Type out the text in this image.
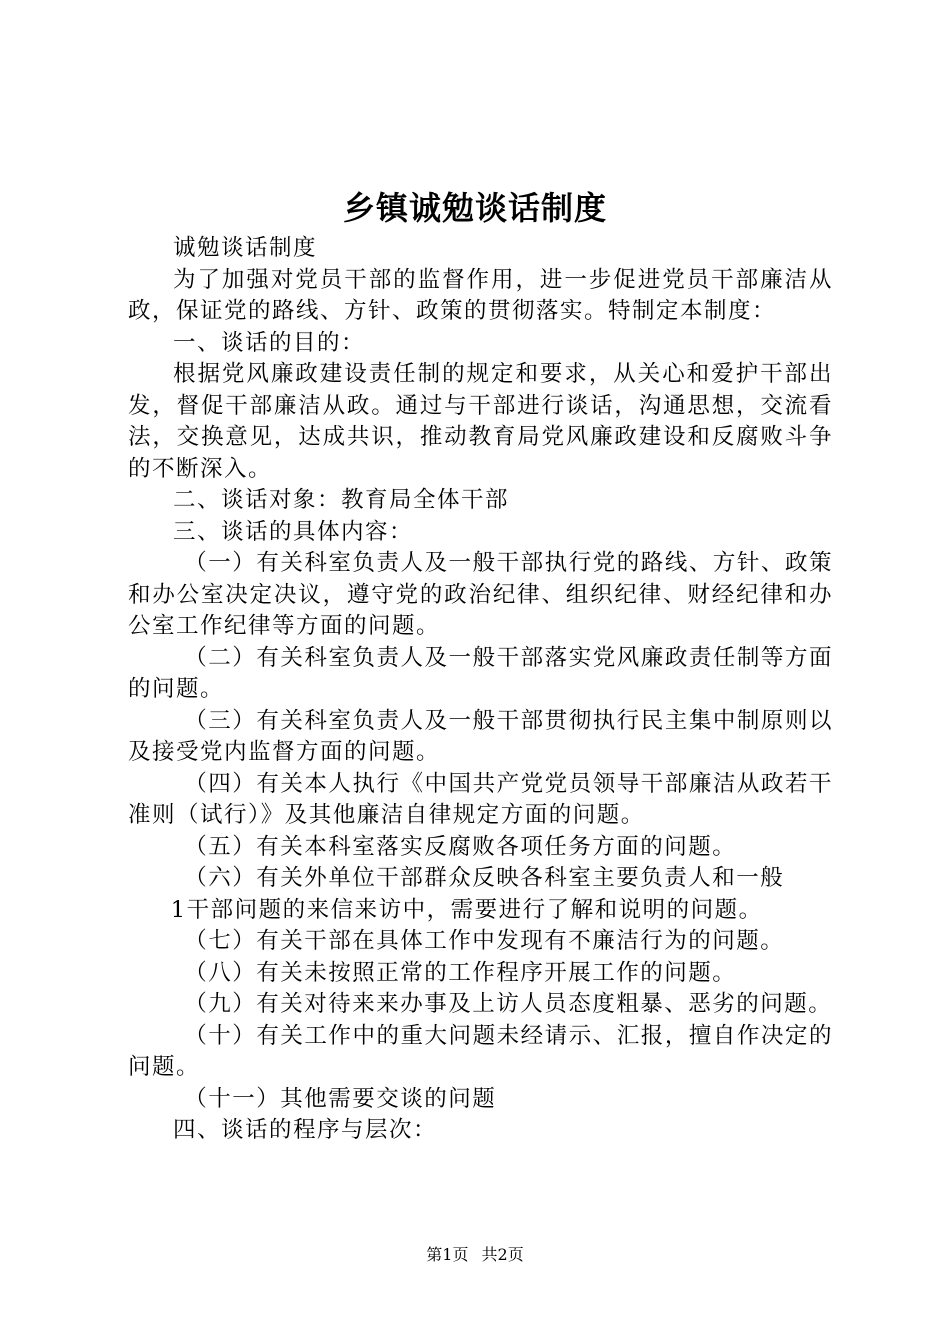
乡镇诚勉谈话制度

诚勉谈话制度

为了加强对党员干部的监督作用，进一步促进党员干部廉洁从政，保证党的路线、方针、政策的贯彻落实。特制定本制度：

一、谈话的目的：

根据党风廉政建设责任制的规定和要求，从关心和爱护干部出发，督促干部廉洁从政。通过与干部进行谈话，沟通思想，交流看法，交换意见，达成共识，推动教育局党风廉政建设和反腐败斗争的不断深入。

二、谈话对象：教育局全体干部

三、谈话的具体内容：

（一）有关科室负责人及一般干部执行党的路线、方针、政策和办公室决定决议，遵守党的政治纪律、组织纪律、财经纪律和办公室工作纪律等方面的问题。

（二）有关科室负责人及一般干部落实党风廉政责任制等方面的问题。

（三）有关科室负责人及一般干部贯彻执行民主集中制原则以及接受党内监督方面的问题。

（四）有关本人执行《中国共产党党员领导干部廉洁从政若干准则（试行）》及其他廉洁自律规定方面的问题。

（五）有关本科室落实反腐败各项任务方面的问题。

（六）有关外单位干部群众反映各科室主要负责人和一般

1干部问题的来信来访中，需要进行了解和说明的问题。

（七）有关干部在具体工作中发现有不廉洁行为的问题。

（八）有关未按照正常的工作程序开展工作的问题。

（九）有关对待来来办事及上访人员态度粗暴、恶劣的问题。

（十）有关工作中的重大问题未经请示、汇报，擅自作决定的问题。

（十一）其他需要交谈的问题

四、谈话的程序与层次：

第1页 共2页
